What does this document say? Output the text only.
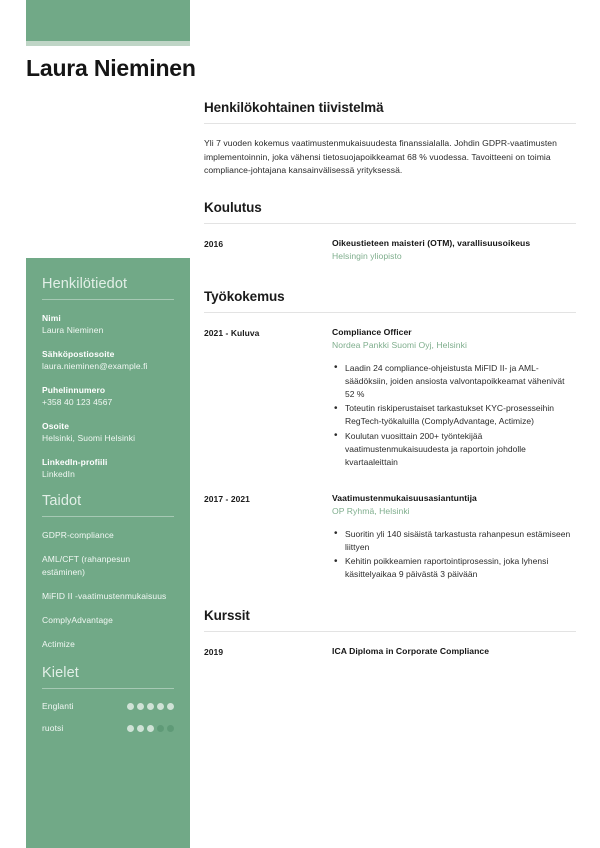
Laura Nieminen
Henkilötiedot
Nimi
Laura Nieminen
Sähköpostiosoite
laura.nieminen@example.fi
Puhelinnumero
+358 40 123 4567
Osoite
Helsinki, Suomi Helsinki
LinkedIn-profiili
LinkedIn
Taidot
GDPR-compliance
AML/CFT (rahanpesun estäminen)
MiFID II -vaatimustenmukaisuus
ComplyAdvantage
Actimize
Kielet
Englanti
ruotsi
Henkilökohtainen tiivistelmä

Yli 7 vuoden kokemus vaatimustenmukaisuudesta finanssialalla. Johdin GDPR-vaatimusten implementoinnin, joka vähensi tietosuojapoikkeamat 68 % vuodessa. Tavoitteeni on toimia compliance-johtajana kansainvälisessä yrityksessä.

Koulutus
2016	Oikeustieteen maisteri (OTM), varallisuusoikeus
Helsingin yliopisto
Työkokemus
2021 - Kuluva	Compliance Officer
Nordea Pankki Suomi Oyj, Helsinki
• Laadin 24 compliance-ohjeistusta MiFID II- ja AML-säädöksiin, joiden ansiosta valvontapoikkeamat vähenivät 52 %
• Toteutin riskiperustaiset tarkastukset KYC-prosesseihin RegTech-työkaluilla (ComplyAdvantage, Actimize)
• Koulutan vuosittain 200+ työntekijää vaatimustenmukaisuudesta ja raportoin johdolle kvartaaleittain
2017 - 2021	Vaatimustenmukaisuusasiantuntija
OP Ryhmä, Helsinki
• Suoritin yli 140 sisäistä tarkastusta rahanpesun estämiseen liittyen
• Kehitin poikkeamien raportointiprosessin, joka lyhensi käsittelyaikaa 9 päivästä 3 päivään
Kurssit
2019	ICA Diploma in Corporate Compliance
